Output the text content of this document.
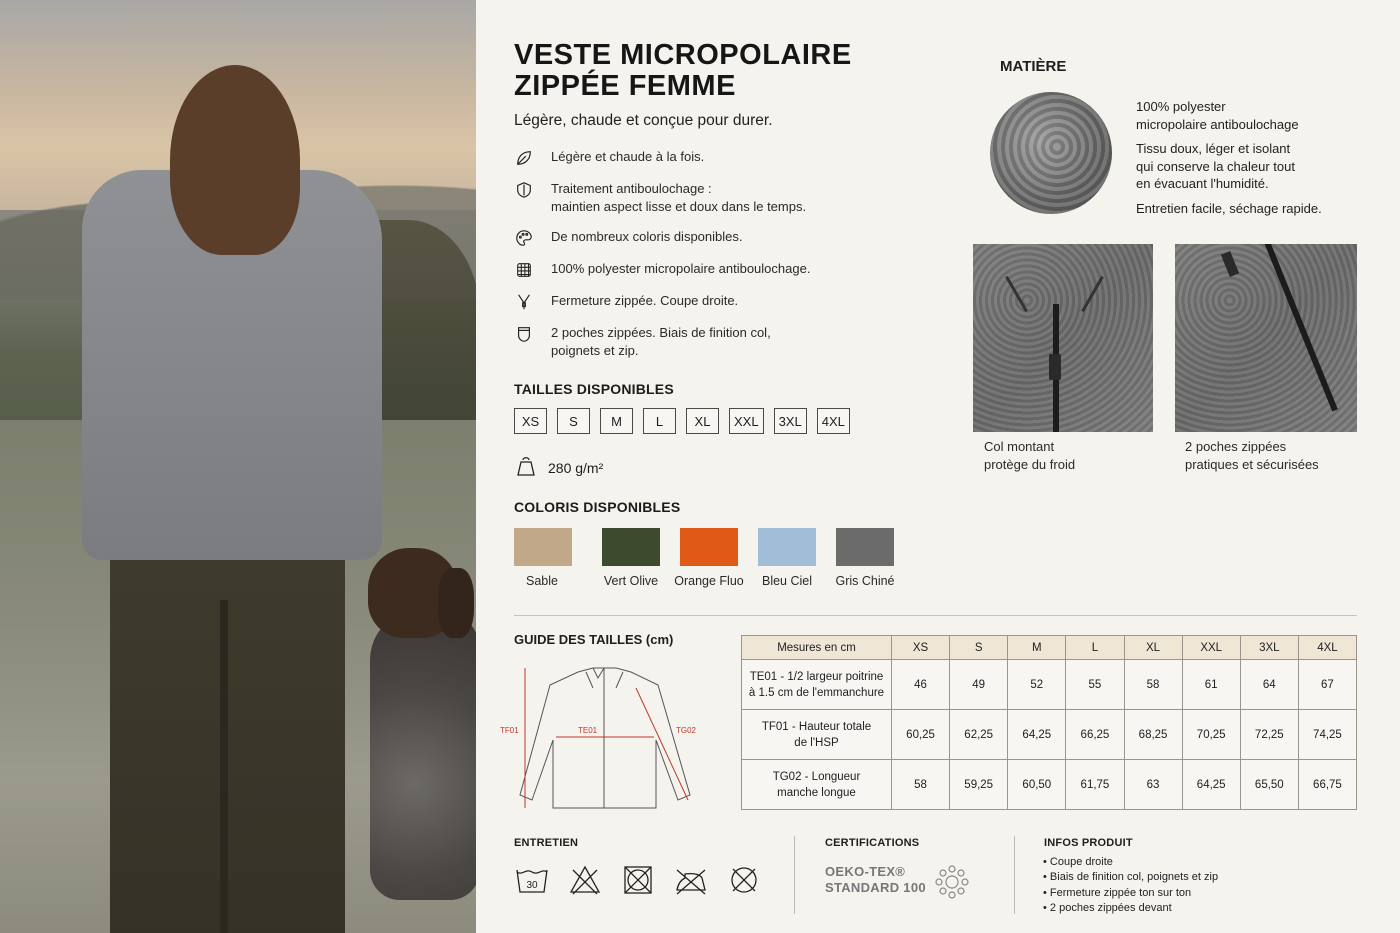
VESTE MICROPOLAIRE ZIPPÉE FEMME
Légère, chaude et conçue pour durer.
Légère et chaude à la fois.
Traitement antiboulochage :
maintien aspect lisse et doux dans le temps.
De nombreux coloris disponibles.
100% polyester micropolaire antiboulochage.
Fermeture zippée. Coupe droite.
2 poches zippées. Biais de finition col,
poignets et zip.
TAILLES DISPONIBLES
XS	S	M	L	XL	XXL	3XL	4XL
280 g/m²
COLORIS DISPONIBLES
Sable	Vert Olive Orange Fluo Bleu Ciel Gris Chiné
MATIÈRE

100% polyester
micropolaire antiboulochage

Tissu doux, léger et isolant
qui conserve la chaleur tout
en évacuant l'humidité.

Entretien facile, séchage rapide.

Col montant
protège du froid
2 poches zippées
pratiques et sécurisées
GUIDE DES TAILLES (cm)
TF01	TE01	TG02
Mesures en cm	XS	S	M	L	XL	XXL	3XL	4XL
TE01 - 1/2 largeur poitrine
à 1.5 cm de l'emmanchure	46	49	52	55	58	61	64	67
TF01 - Hauteur totale
de l'HSP	60,25	62,25	64,25	66,25	68,25	70,25	72,25	74,25
TG02 - Longueur
manche longue	58	59,25	60,50	61,75	63	64,25	65,50	66,75
ENTRETIEN
30
CERTIFICATIONS
OEKO-TEX®
STANDARD 100
INFOS PRODUIT
• Coupe droite
• Biais de finition col, poignets et zip
• Fermeture zippée ton sur ton
• 2 poches zippées devant
